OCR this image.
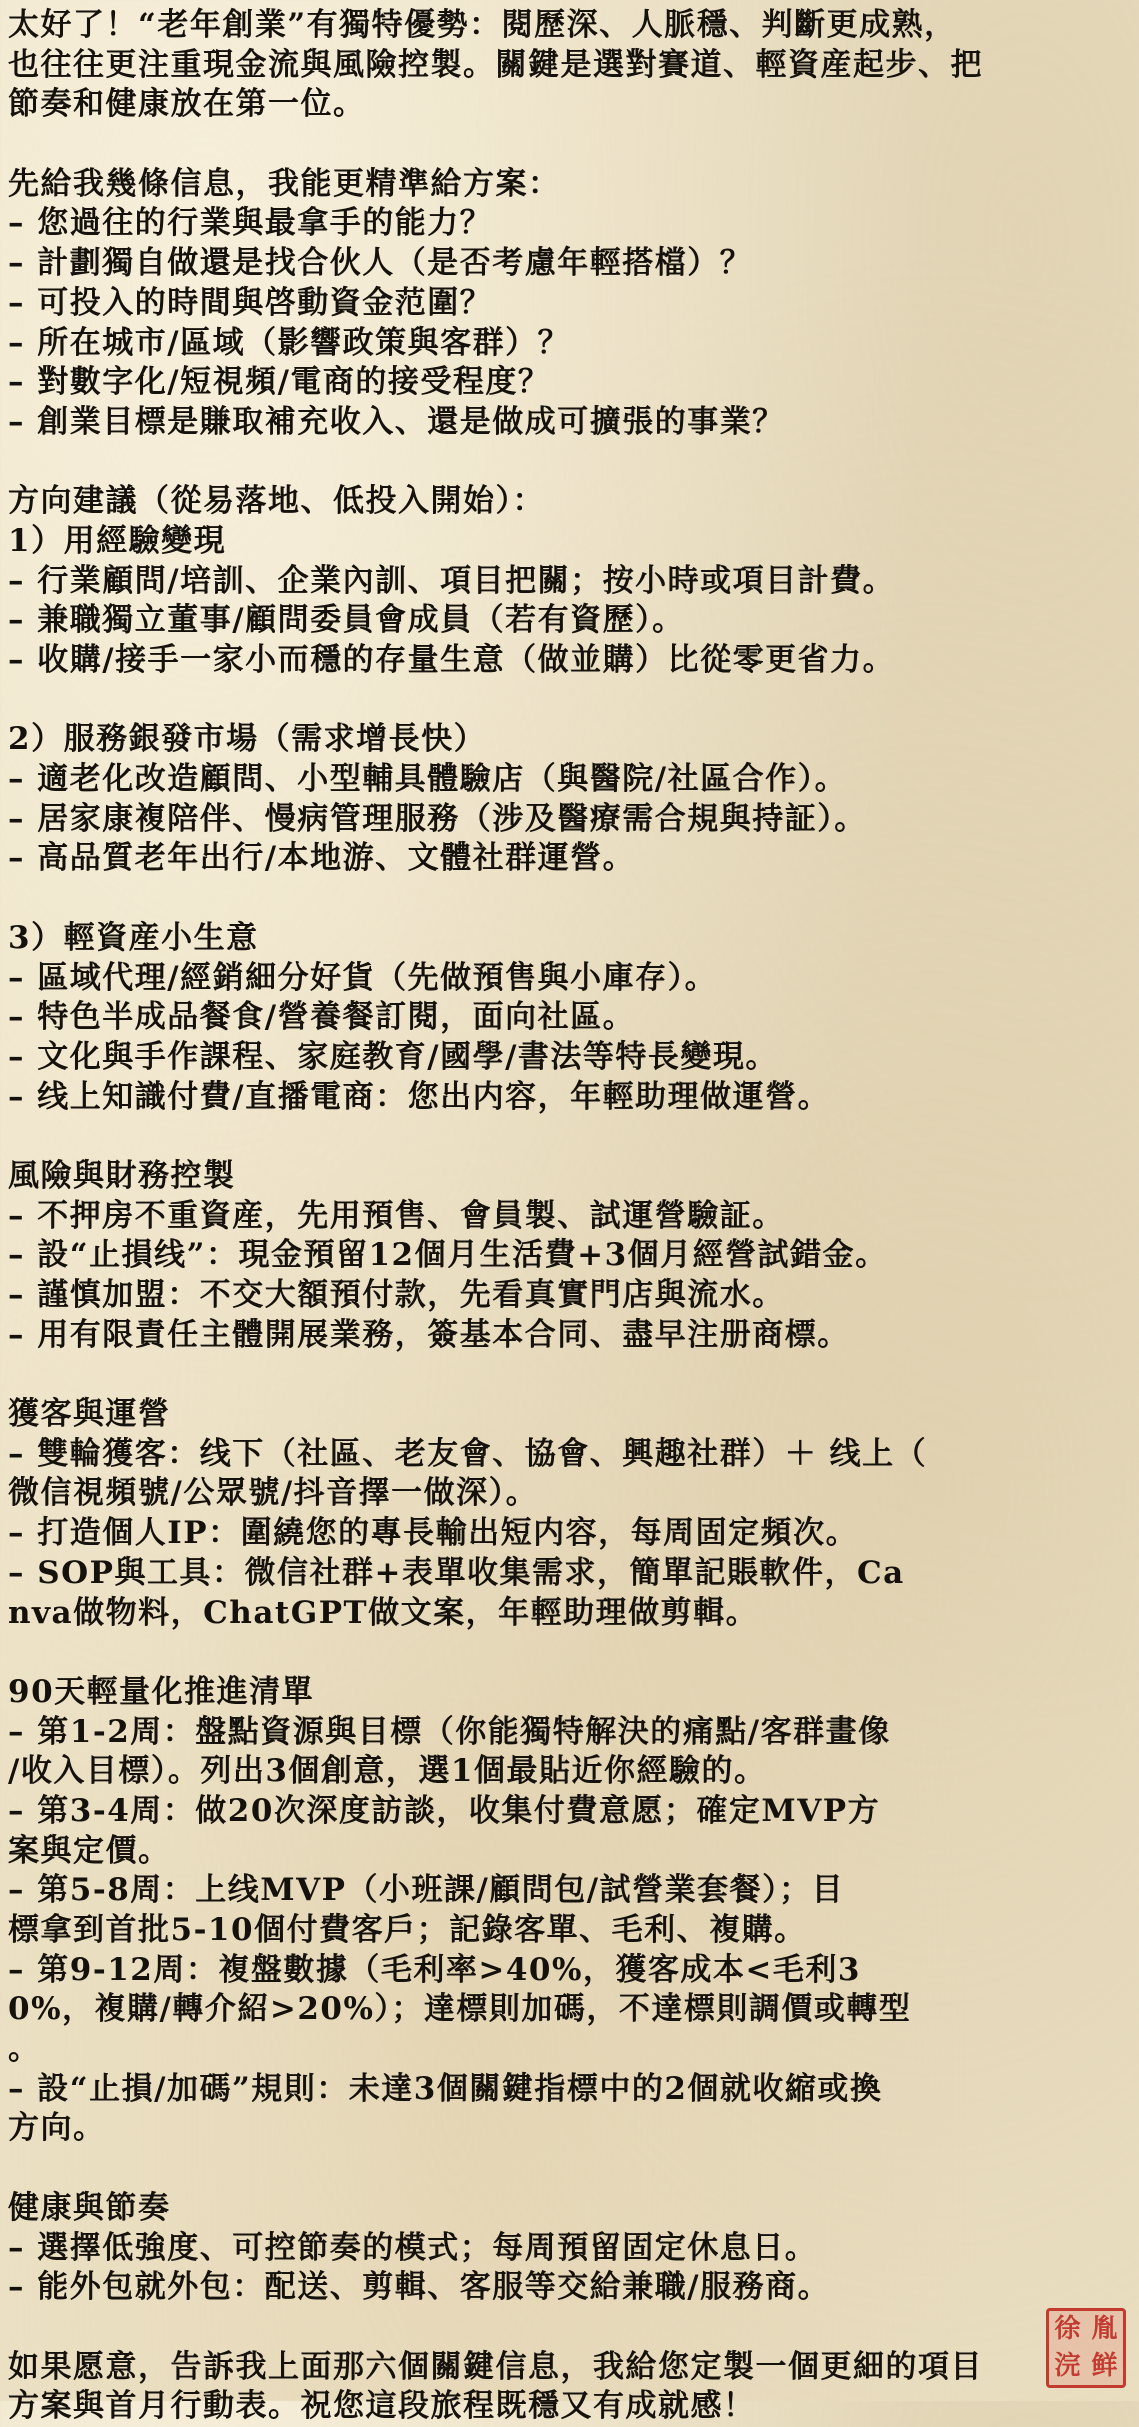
太好了！“老年創業”有獨特優勢：閱歷深、人脈穩、判斷更成熟，
也往往更注重現金流與風險控製。關鍵是選對賽道、輕資産起步、把
節奏和健康放在第一位。
先給我幾條信息，我能更精準給方案：
– 您過往的行業與最拿手的能力？
– 計劃獨自做還是找合伙人（是否考慮年輕搭檔）？
– 可投入的時間與啓動資金范圍？
– 所在城市/區域（影響政策與客群）？
– 對數字化/短視頻/電商的接受程度？
– 創業目標是賺取補充收入、還是做成可擴張的事業？
方向建議（從易落地、低投入開始）：
1）用經驗變現
– 行業顧問/培訓、企業內訓、項目把關；按小時或項目計費。
– 兼職獨立董事/顧問委員會成員（若有資歷）。
– 收購/接手一家小而穩的存量生意（做並購）比從零更省力。
2）服務銀發市場（需求增長快）
– 適老化改造顧問、小型輔具體驗店（與醫院/社區合作）。
– 居家康複陪伴、慢病管理服務（涉及醫療需合規與持証）。
– 高品質老年出行/本地游、文體社群運營。
3）輕資産小生意
– 區域代理/經銷細分好貨（先做預售與小庫存）。
– 特色半成品餐食/營養餐訂閱，面向社區。
– 文化與手作課程、家庭教育/國學/書法等特長變現。
– 线上知識付費/直播電商：您出内容，年輕助理做運營。
風險與財務控製
– 不押房不重資産，先用預售、會員製、試運營驗証。
– 設“止損线”：現金預留12個月生活費+3個月經營試錯金。
– 謹慎加盟：不交大額預付款，先看真實門店與流水。
– 用有限責任主體開展業務，簽基本合同、盡早注册商標。
獲客與運營
– 雙輪獲客：线下（社區、老友會、協會、興趣社群）＋ 线上（
微信視頻號/公眾號/抖音擇一做深）。
– 打造個人IP：圍繞您的專長輸出短内容，每周固定頻次。
– SOP與工具：微信社群+表單收集需求，簡單記賬軟件，Ca
nva做物料，ChatGPT做文案，年輕助理做剪輯。
90天輕量化推進清單
– 第1-2周：盤點資源與目標（你能獨特解決的痛點/客群畫像
/收入目標）。列出3個創意，選1個最貼近你經驗的。
– 第3-4周：做20次深度訪談，收集付費意愿；確定MVP方
案與定價。
– 第5-8周：上线MVP（小班課/顧問包/試營業套餐）；目
標拿到首批5-10個付費客戶；記錄客單、毛利、複購。
– 第9-12周：複盤數據（毛利率>40%，獲客成本<毛利3
0%，複購/轉介紹>20%）；達標則加碼，不達標則調價或轉型
。
– 設“止損/加碼”規則：未達3個關鍵指標中的2個就收縮或換
方向。
健康與節奏
– 選擇低強度、可控節奏的模式；每周預留固定休息日。
– 能外包就外包：配送、剪輯、客服等交給兼職/服務商。
如果愿意，告訴我上面那六個關鍵信息，我給您定製一個更細的項目
方案與首月行動表。祝您這段旅程既穩又有成就感！
徐 胤
浣 鲜
